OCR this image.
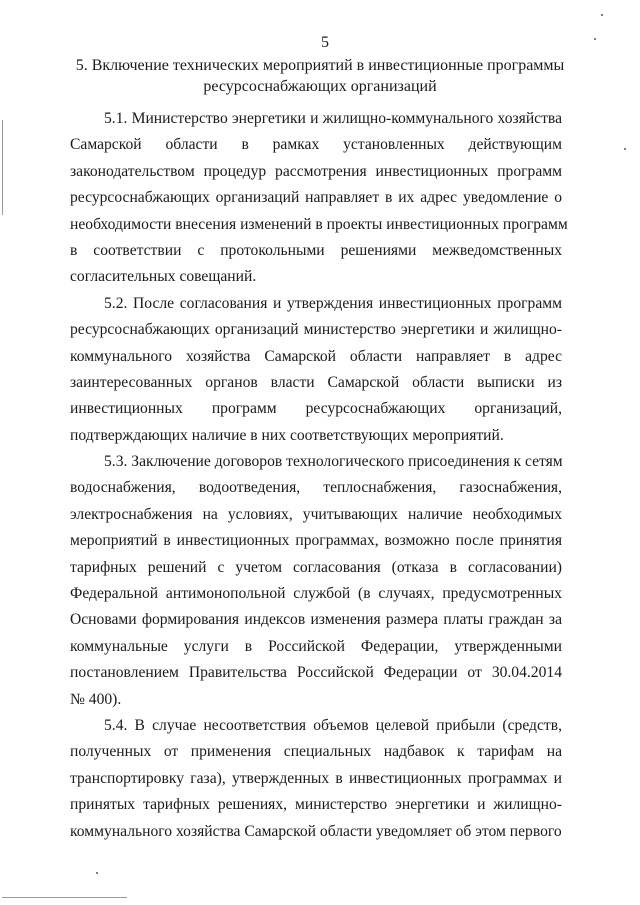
5
5. Включение технических мероприятий в инвестиционные программы
ресурсоснабжающих организаций
5.1. Министерство энергетики и жилищно-коммунального хозяйства
Самарской области в рамках установленных действующим
законодательством процедур рассмотрения инвестиционных программ
ресурсоснабжающих организаций направляет в их адрес уведомление о
необходимости внесения изменений в проекты инвестиционных программ
в соответствии с протокольными решениями межведомственных
согласительных совещаний.
5.2. После согласования и утверждения инвестиционных программ
ресурсоснабжающих организаций министерство энергетики и жилищно-
коммунального хозяйства Самарской области направляет в адрес
заинтересованных органов власти Самарской области выписки из
инвестиционных программ ресурсоснабжающих организаций,
подтверждающих наличие в них соответствующих мероприятий.
5.3. Заключение договоров технологического присоединения к сетям
водоснабжения, водоотведения, теплоснабжения, газоснабжения,
электроснабжения на условиях, учитывающих наличие необходимых
мероприятий в инвестиционных программах, возможно после принятия
тарифных решений с учетом согласования (отказа в согласовании)
Федеральной антимонопольной службой (в случаях, предусмотренных
Основами формирования индексов изменения размера платы граждан за
коммунальные услуги в Российской Федерации, утвержденными
постановлением Правительства Российской Федерации от 30.04.2014
№ 400).
5.4. В случае несоответствия объемов целевой прибыли (средств,
полученных от применения специальных надбавок к тарифам на
транспортировку газа), утвержденных в инвестиционных программах и
принятых тарифных решениях, министерство энергетики и жилищно-
коммунального хозяйства Самарской области уведомляет об этом первого
